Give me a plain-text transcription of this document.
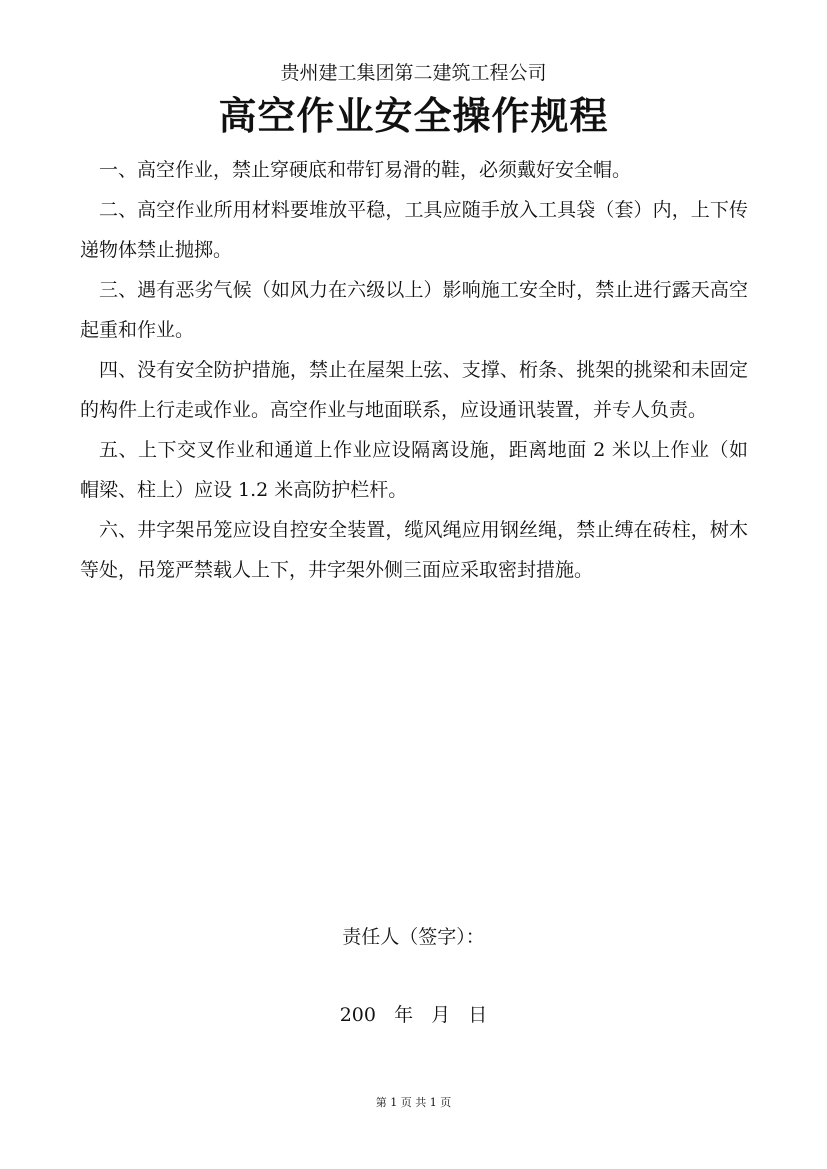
贵州建工集团第二建筑工程公司
高空作业安全操作规程

一、高空作业，禁止穿硬底和带钉易滑的鞋，必须戴好安全帽。

二、高空作业所用材料要堆放平稳，工具应随手放入工具袋（套）内，上下传递物体禁止抛掷。

三、遇有恶劣气候（如风力在六级以上）影响施工安全时，禁止进行露天高空起重和作业。

四、没有安全防护措施，禁止在屋架上弦、支撑、桁条、挑架的挑梁和未固定的构件上行走或作业。高空作业与地面联系，应设通讯装置，并专人负责。

五、上下交叉作业和通道上作业应设隔离设施，距离地面 2 米以上作业（如帽梁、柱上）应设 1.2 米高防护栏杆。

六、井字架吊笼应设自控安全装置，缆风绳应用钢丝绳，禁止缚在砖柱，树木等处，吊笼严禁载人上下，井字架外侧三面应采取密封措施。

责任人（签字）：
200   年   月   日
第 1 页 共 1 页
